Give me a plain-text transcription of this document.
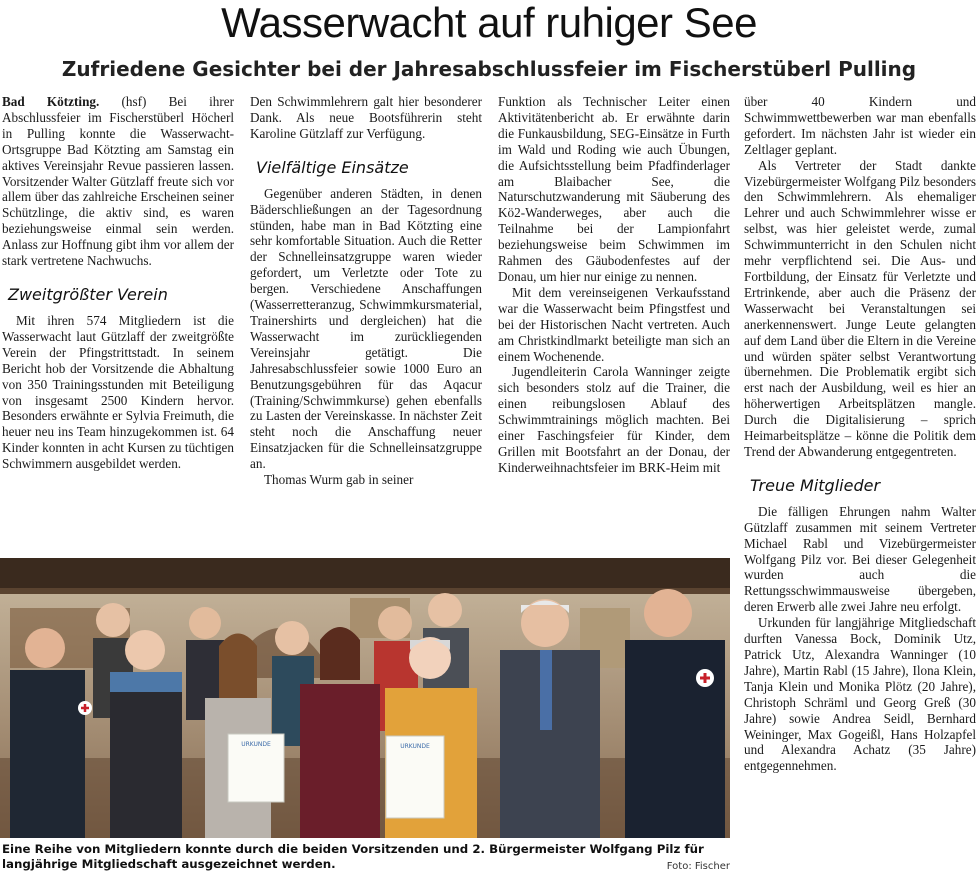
Wasserwacht auf ruhiger See
Zufriedene Gesichter bei der Jahresabschlussfeier im Fischerstüberl Pulling

Bad Kötzting. (hsf) Bei ihrer Abschlussfeier im Fischerstüberl Höcherl in Pulling konnte die Wasserwacht-Ortsgruppe Bad Kötzting am Samstag ein aktives Vereinsjahr Revue passieren lassen. Vorsitzender Walter Gützlaff freute sich vor allem über das zahlreiche Erscheinen seiner Schützlinge, die aktiv sind, es waren beziehungsweise einmal sein werden. Anlass zur Hoffnung gibt ihm vor allem der stark vertretene Nachwuchs.

Zweitgrößter Verein

Mit ihren 574 Mitgliedern ist die Wasserwacht laut Gützlaff der zweitgrößte Verein der Pfingstrittstadt. In seinem Bericht hob der Vorsitzende die Abhaltung von 350 Trainingsstunden mit Beteiligung von insgesamt 2500 Kindern hervor. Besonders erwähnte er Sylvia Freimuth, die heuer neu ins Team hinzugekommen ist. 64 Kinder konnten in acht Kursen zu tüchtigen Schwimmern ausgebildet werden.

Den Schwimmlehrern galt hier besonderer Dank. Als neue Bootsführerin steht Karoline Gützlaff zur Verfügung.

Vielfältige Einsätze

Gegenüber anderen Städten, in denen Bäderschließungen an der Tagesordnung stünden, habe man in Bad Kötzting eine sehr komfortable Situation. Auch die Retter der Schnelleinsatzgruppe waren wieder gefordert, um Verletzte oder Tote zu bergen. Verschiedene Anschaffungen (Wasserretteranzug, Schwimmkursmaterial, Trainershirts und dergleichen) hat die Wasserwacht im zurückliegenden Vereinsjahr getätigt. Die Jahresabschlussfeier sowie 1000 Euro an Benutzungsgebühren für das Aqacur (Training/Schwimmkurse) gehen ebenfalls zu Lasten der Vereinskasse. In nächster Zeit steht noch die Anschaffung neuer Einsatzjacken für die Schnelleinsatzgruppe an.

Thomas Wurm gab in seiner

Funktion als Technischer Leiter einen Aktivitätenbericht ab. Er erwähnte darin die Funkausbildung, SEG-Einsätze in Furth im Wald und Roding wie auch Übungen, die Aufsichtsstellung beim Pfadfinderlager am Blaibacher See, die Naturschutzwanderung mit Säuberung des Kö2-Wanderweges, aber auch die Teilnahme bei der Lampionfahrt beziehungsweise beim Schwimmen im Rahmen des Gäubodenfestes auf der Donau, um hier nur einige zu nennen.

Mit dem vereinseigenen Verkaufsstand war die Wasserwacht beim Pfingstfest und bei der Historischen Nacht vertreten. Auch am Christkindlmarkt beteiligte man sich an einem Wochenende.

Jugendleiterin Carola Wanninger zeigte sich besonders stolz auf die Trainer, die einen reibungslosen Ablauf des Schwimmtrainings möglich machten. Bei einer Faschingsfeier für Kinder, dem Grillen mit Bootsfahrt an der Donau, der Kinderweihnachtsfeier im BRK-Heim mit

über 40 Kindern und Schwimmwettbewerben war man ebenfalls gefordert. Im nächsten Jahr ist wieder ein Zeltlager geplant.

Als Vertreter der Stadt dankte Vizebürgermeister Wolfgang Pilz besonders den Schwimmlehrern. Als ehemaliger Lehrer und auch Schwimmlehrer wisse er selbst, was hier geleistet werde, zumal Schwimmunterricht in den Schulen nicht mehr verpflichtend sei. Die Aus- und Fortbildung, der Einsatz für Verletzte und Ertrinkende, aber auch die Präsenz der Wasserwacht bei Veranstaltungen sei anerkennenswert. Junge Leute gelangten auf dem Land über die Eltern in die Vereine und würden später selbst Verantwortung übernehmen. Die Problematik ergibt sich erst nach der Ausbildung, weil es hier an höherwertigen Arbeitsplätzen mangle. Durch die Digitalisierung – sprich Heimarbeitsplätze – könne die Politik dem Trend der Abwanderung entgegentreten.

Treue Mitglieder

Die fälligen Ehrungen nahm Walter Gützlaff zusammen mit seinem Vertreter Michael Rabl und Vizebürgermeister Wolfgang Pilz vor. Bei dieser Gelegenheit wurden auch die Rettungsschwimmausweise übergeben, deren Erwerb alle zwei Jahre neu erfolgt.

Urkunden für langjährige Mitgliedschaft durften Vanessa Bock, Dominik Utz, Patrick Utz, Alexandra Wanninger (10 Jahre), Martin Rabl (15 Jahre), Ilona Klein, Tanja Klein und Monika Plötz (20 Jahre), Christoph Schräml und Georg Greß (30 Jahre) sowie Andrea Seidl, Bernhard Weininger, Max Gogeißl, Hans Holzapfel und Alexandra Achatz (35 Jahre) entgegennehmen.

URKUNDE	URKUNDE
Eine Reihe von Mitgliedern konnte durch die beiden Vorsitzenden und 2. Bürgermeister Wolfgang Pilz für langjährige Mitgliedschaft ausgezeichnet werden.	Foto: Fischer
